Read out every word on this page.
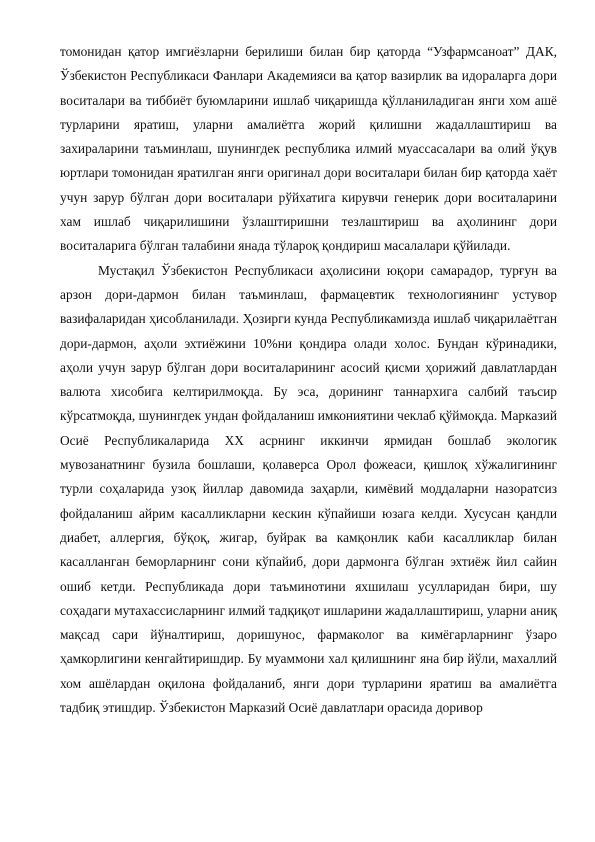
томонидан қатор имгиёзларни берилиши билан бир қаторда “Узфармсаноат” ДАК, Ўзбекистон Республикаси Фанлари Академияси ва қатор вазирлик ва идораларга дори воситалари ва тиббиёт буюмларини ишлаб чиқаришда қўлланиладиган янги хом ашё турларини яратиш, уларни амалиётга жорий қилишни жадаллаштириш ва захираларини таъминлаш, шунингдек республика илмий муассасалари ва олий ўқув юртлари томонидан яратилган янги оригинал дори воситалари билан бир қаторда хаёт учун зарур бўлган дори воситалари рўйхатига кирувчи генерик дори воситаларини хам ишлаб чиқарилишини ўзлаштиришни тезлаштириш ва аҳолининг дори воситаларига бўлган талабини янада тўлароқ қондириш масалалари қўйилади.

Мустақил Ўзбекистон Республикаси аҳолисини юқори самарадор, турғун ва арзон дори-дармон билан таъминлаш, фармацевтик технологиянинг устувор вазифаларидан ҳисобланилади. Ҳозирги кунда Республикамизда ишлаб чиқарилаётган дори-дармон, аҳоли эхтиёжини 10%ни қондира олади холос. Бундан кўринадики, аҳоли учун зарур бўлган дори воситаларининг асосий қисми ҳорижий давлатлардан валюта хисобига келтирилмоқда. Бу эса, дорининг таннархига салбий таъсир кўрсатмоқда, шунингдек ундан фойдаланиш имкониятини чеклаб қўймоқда. Марказий Осиё Республикаларида XX асрнинг иккинчи ярмидан бошлаб экологик мувозанатнинг бузила бошлаши, қолаверса Орол фожеаси, қишлоқ хўжалигининг турли соҳаларида узоқ йиллар давомида заҳарли, кимёвий моддаларни назоратсиз фойдаланиш айрим касалликларни кескин кўпайиши юзага келди. Хусусан қандли диабет, аллергия, бўқоқ, жигар, буйрак ва камқонлик каби касалликлар билан касалланган беморларнинг сони кўпайиб, дори дармонга бўлган эхтиёж йил сайин ошиб кетди. Республикада дори таъминотини яхшилаш усулларидан бири, шу соҳадаги мутахассисларнинг илмий тадқиқот ишларини жадаллаштириш, уларни аниқ мақсад сари йўналтириш, доришунос, фармаколог ва кимёгарларнинг ўзаро ҳамкорлигини кенгайтиришдир. Бу муаммони хал қилишнинг яна бир йўли, махаллий хом ашёлардан оқилона фойдаланиб, янги дори турларини яратиш ва амалиётга тадбиқ этишдир. Ўзбекистон Марказий Осиё давлатлари орасида доривор
